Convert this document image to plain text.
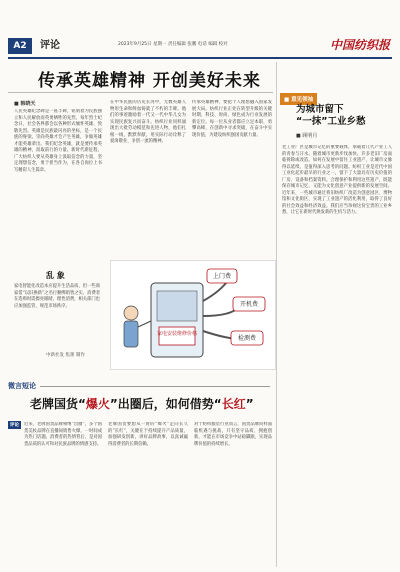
A2	评论	2023年9月25日 星期一 责任编辑 张鹏 电话 编辑 校对	中国纺织报
传承英雄精神 开创美好未来
■ 韩晓天
人民英雄纪念碑是一座丰碑，铭刻着为民族独立和人民解放而英勇牺牲的先烈。每年烈士纪念日，社会各界都会以各种形式缅怀英雄、致敬先烈。英雄是民族最闪亮的坐标，是一个民族的脊梁。崇尚英雄才会产生英雄，争做英雄才能英雄辈出。我们纪念英雄，就是要传承英雄的精神，汲取前行的力量。新时代新征程，广大纺织人要从英雄身上汲取信念的力量，坚定理想信念，勇于担当作为，在各自岗位上书写精彩人生篇章。
在中华民族的历史长河中，无数英雄人物用生命和鲜血铸就了不朽的丰碑。他们的事迹激励着一代又一代中华儿女为实现民族复兴而奋斗。纺织行业同样涌现出大批劳动模范和先进人物，他们扎根一线、默默奉献，用实际行动诠释了爱岗敬业、争创一流的精神。
传承英雄精神，要把个人理想融入国家发展大局。纺织行业正处在转型升级的关键时期，科技、时尚、绿色成为行业发展的新定位。每一位从业者都应立足本职，勇攀高峰，在创新中寻求突破，在奋斗中实现价值，为建设纺织强国贡献力量。
■ 意见领袖
为城市留下
“一抹”工业乡愁
■ 顾明月
老工业厂区是城市记忆的重要载体，承载着几代产业工人的青春与汗水。随着城市更新步伐加快，许多老旧厂房面临拆除或改造。如何在发展中留住工业遗产，让城市文脉得以延续，是值得深入思考的问题。纺织工业是近代中国工业化起步最早的行业之一，留下了大量具有历史价值的厂房、设备和档案资料。合理保护和利用这些遗产，既能保存城市记忆，又能为文化创意产业提供新的发展空间。近年来，一些城市通过将旧纺织厂改造为创意园区、博物馆和文化街区，实现了工业遗产的活化利用，取得了良好的社会效益和经济效益。我们应当珍视这份宝贵的工业乡愁，让它在新时代焕发新的生机与活力。
乱 象
家电智能化改造本应提升生活品质，但一些商家借“以旧换新”之名行捆绑销售之实，消费者在选购时需擦亮眼睛，理性消费，相关部门也应加强监管，规范市场秩序。
中新社发 焦蕾 制作
家电安装维修价格
上门费
开机费
检测费
微言短论
老牌国货“爆火”出圈后，如何借势“长红”
评论	近来，老牌国货品牌相继“出圈”，多个国货美妆品牌在直播间销售火爆，一时间成为热门话题。消费者的热情背后，是对国货品质的认可和对民族品牌的情感支持。
老牌国货要想从一时的“爆火”走向长久的“长红”，关键在于持续提升产品质量，加强研发创新，讲好品牌故事，以真诚赢得消费者的长期信赖。
对于纺织服装行业而言，国货品牌同样面临机遇与挑战，只有坚守品质、拥抱创新，才能在市场竞争中站稳脚跟，实现品牌价值的持续增长。
